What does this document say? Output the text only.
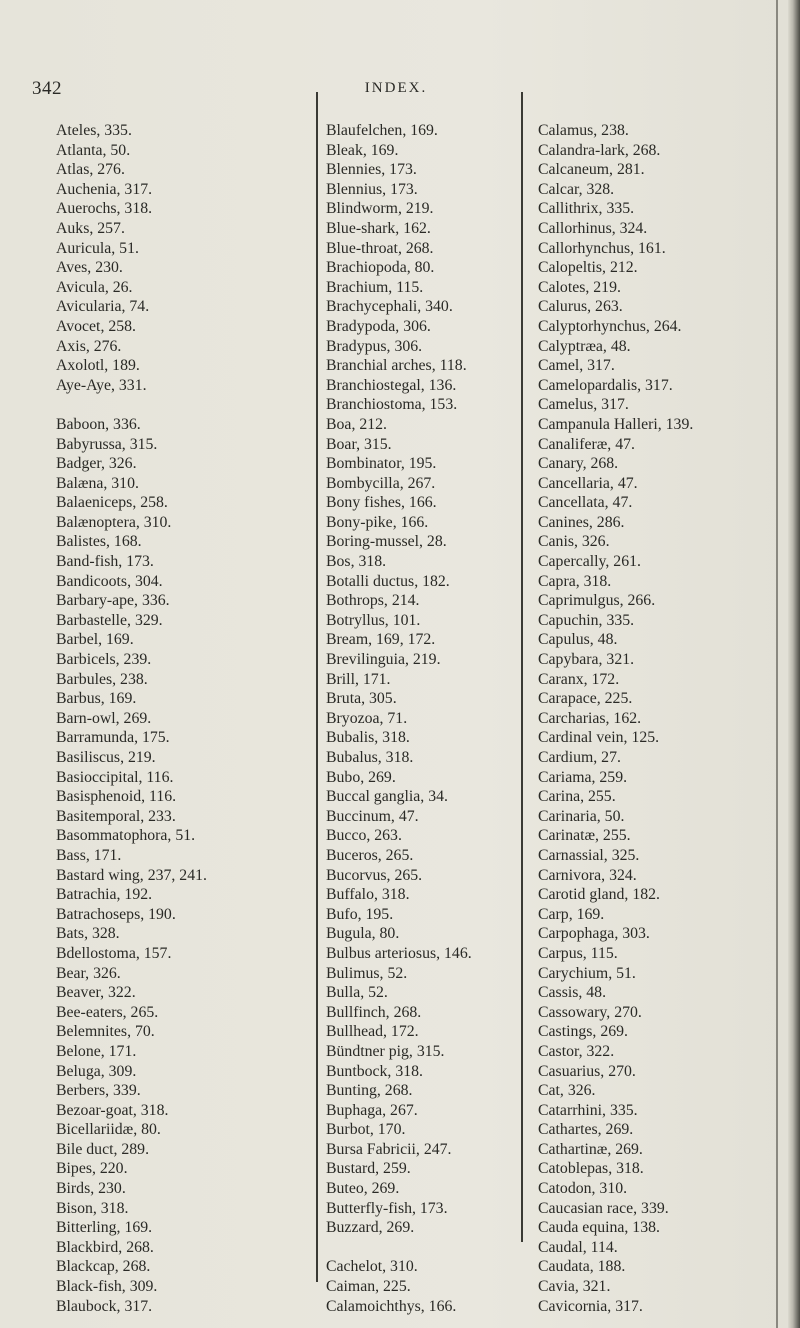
342	INDEX.
Ateles, 335.
Atlanta, 50.
Atlas, 276.
Auchenia, 317.
Auerochs, 318.
Auks, 257.
Auricula, 51.
Aves, 230.
Avicula, 26.
Avicularia, 74.
Avocet, 258.
Axis, 276.
Axolotl, 189.
Aye-Aye, 331.
Baboon, 336.
Babyrussa, 315.
Badger, 326.
Balæna, 310.
Balaeniceps, 258.
Balænoptera, 310.
Balistes, 168.
Band-fish, 173.
Bandicoots, 304.
Barbary-ape, 336.
Barbastelle, 329.
Barbel, 169.
Barbicels, 239.
Barbules, 238.
Barbus, 169.
Barn-owl, 269.
Barramunda, 175.
Basiliscus, 219.
Basioccipital, 116.
Basisphenoid, 116.
Basitemporal, 233.
Basommatophora, 51.
Bass, 171.
Bastard wing, 237, 241.
Batrachia, 192.
Batrachoseps, 190.
Bats, 328.
Bdellostoma, 157.
Bear, 326.
Beaver, 322.
Bee-eaters, 265.
Belemnites, 70.
Belone, 171.
Beluga, 309.
Berbers, 339.
Bezoar-goat, 318.
Bicellariidæ, 80.
Bile duct, 289.
Bipes, 220.
Birds, 230.
Bison, 318.
Bitterling, 169.
Blackbird, 268.
Blackcap, 268.
Black-fish, 309.
Blaubock, 317.
Blaufelchen, 169.
Bleak, 169.
Blennies, 173.
Blennius, 173.
Blindworm, 219.
Blue-shark, 162.
Blue-throat, 268.
Brachiopoda, 80.
Brachium, 115.
Brachycephali, 340.
Bradypoda, 306.
Bradypus, 306.
Branchial arches, 118.
Branchiostegal, 136.
Branchiostoma, 153.
Boa, 212.
Boar, 315.
Bombinator, 195.
Bombycilla, 267.
Bony fishes, 166.
Bony-pike, 166.
Boring-mussel, 28.
Bos, 318.
Botalli ductus, 182.
Bothrops, 214.
Botryllus, 101.
Bream, 169, 172.
Brevilinguia, 219.
Brill, 171.
Bruta, 305.
Bryozoa, 71.
Bubalis, 318.
Bubalus, 318.
Bubo, 269.
Buccal ganglia, 34.
Buccinum, 47.
Bucco, 263.
Buceros, 265.
Bucorvus, 265.
Buffalo, 318.
Bufo, 195.
Bugula, 80.
Bulbus arteriosus, 146.
Bulimus, 52.
Bulla, 52.
Bullfinch, 268.
Bullhead, 172.
Bündtner pig, 315.
Buntbock, 318.
Bunting, 268.
Buphaga, 267.
Burbot, 170.
Bursa Fabricii, 247.
Bustard, 259.
Buteo, 269.
Butterfly-fish, 173.
Buzzard, 269.
Cachelot, 310.
Caiman, 225.
Calamoichthys, 166.
Calamus, 238.
Calandra-lark, 268.
Calcaneum, 281.
Calcar, 328.
Callithrix, 335.
Callorhinus, 324.
Callorhynchus, 161.
Calopeltis, 212.
Calotes, 219.
Calurus, 263.
Calyptorhynchus, 264.
Calyptræa, 48.
Camel, 317.
Camelopardalis, 317.
Camelus, 317.
Campanula Halleri, 139.
Canaliferæ, 47.
Canary, 268.
Cancellaria, 47.
Cancellata, 47.
Canines, 286.
Canis, 326.
Capercally, 261.
Capra, 318.
Caprimulgus, 266.
Capuchin, 335.
Capulus, 48.
Capybara, 321.
Caranx, 172.
Carapace, 225.
Carcharias, 162.
Cardinal vein, 125.
Cardium, 27.
Cariama, 259.
Carina, 255.
Carinaria, 50.
Carinatæ, 255.
Carnassial, 325.
Carnivora, 324.
Carotid gland, 182.
Carp, 169.
Carpophaga, 303.
Carpus, 115.
Carychium, 51.
Cassis, 48.
Cassowary, 270.
Castings, 269.
Castor, 322.
Casuarius, 270.
Cat, 326.
Catarrhini, 335.
Cathartes, 269.
Cathartinæ, 269.
Catoblepas, 318.
Catodon, 310.
Caucasian race, 339.
Cauda equina, 138.
Caudal, 114.
Caudata, 188.
Cavia, 321.
Cavicornia, 317.
